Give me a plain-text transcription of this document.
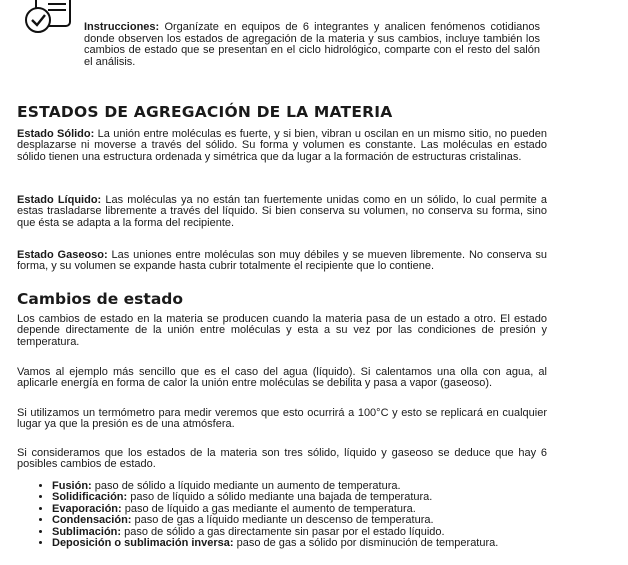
Instrucciones: Organízate en equipos de 6 integrantes y analicen fenómenos cotidianos donde observen los estados de agregación de la materia y sus cambios, incluye también los cambios de estado que se presentan en el ciclo hidrológico, comparte con el resto del salón el análisis.
ESTADOS DE AGREGACIÓN DE LA MATERIA
Estado Sólido: La unión entre moléculas es fuerte, y si bien, vibran u oscilan en un mismo sitio, no pueden desplazarse ni moverse a través del sólido. Su forma y volumen es constante. Las moléculas en estado sólido tienen una estructura ordenada y simétrica que da lugar a la formación de estructuras cristalinas.
Estado Líquido: Las moléculas ya no están tan fuertemente unidas como en un sólido, lo cual permite a estas trasladarse libremente a través del líquido. Si bien conserva su volumen, no conserva su forma, sino que ésta se adapta a la forma del recipiente.
Estado Gaseoso: Las uniones entre moléculas son muy débiles y se mueven libremente. No conserva su forma, y su volumen se expande hasta cubrir totalmente el recipiente que lo contiene.
Cambios de estado
Los cambios de estado en la materia se producen cuando la materia pasa de un estado a otro. El estado depende directamente de la unión entre moléculas y esta a su vez por las condiciones de presión y temperatura.
Vamos al ejemplo más sencillo que es el caso del agua (líquido). Si calentamos una olla con agua, al aplicarle energía en forma de calor la unión entre moléculas se debilita y pasa a vapor (gaseoso).
Si utilizamos un termómetro para medir veremos que esto ocurrirá a 100°C y esto se replicará en cualquier lugar ya que la presión es de una atmósfera.
Si consideramos que los estados de la materia son tres sólido, líquido y gaseoso se deduce que hay 6 posibles cambios de estado.
• Fusión: paso de sólido a líquido mediante un aumento de temperatura.
• Solidificación: paso de líquido a sólido mediante una bajada de temperatura.
• Evaporación: paso de líquido a gas mediante el aumento de temperatura.
• Condensación: paso de gas a líquido mediante un descenso de temperatura.
• Sublimación: paso de sólido a gas directamente sin pasar por el estado líquido.
• Deposición o sublimación inversa: paso de gas a sólido por disminución de temperatura.
